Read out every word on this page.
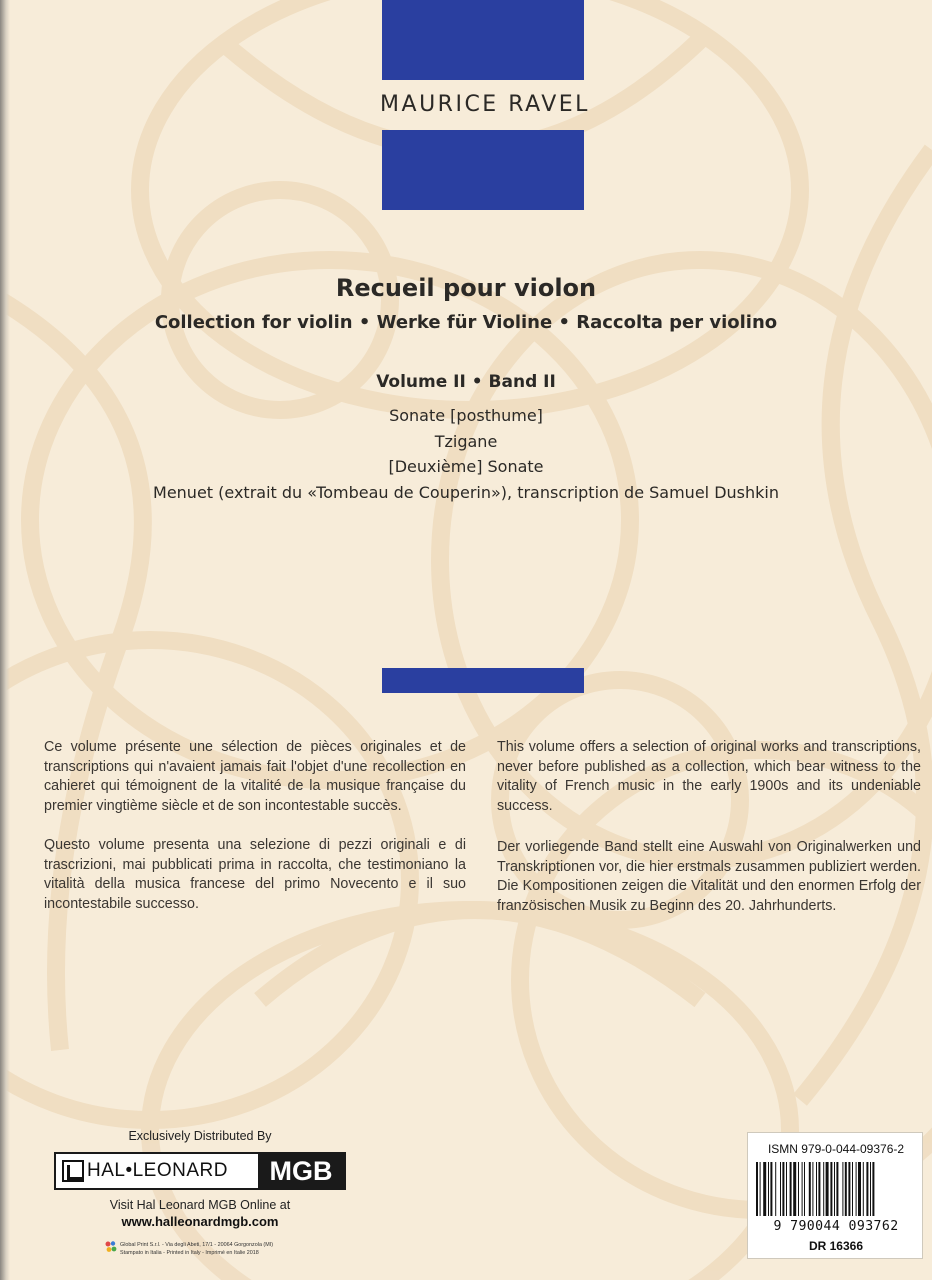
MAURICE RAVEL
Recueil pour violon
Collection for violin • Werke für Violine • Raccolta per violino
Volume II • Band II
Sonate [posthume]
Tzigane
[Deuxième] Sonate
Menuet (extrait du «Tombeau de Couperin»), transcription de Samuel Dushkin

Ce volume présente une sélection de pièces originales et de transcriptions qui n'avaient jamais fait l'objet d'une recollection en cahieret qui témoignent de la vitalité de la musique française du premier vingtième siècle et de son incontestable succès.

Questo volume presenta una selezione di pezzi originali e di trascrizioni, mai pubblicati prima in raccolta, che testimoniano la vitalità della musica francese del primo Novecento e il suo incontestabile successo.

This volume offers a selection of original works and transcriptions, never before published as a collection, which bear witness to the vitality of French music in the early 1900s and its undeniable success.

Der vorliegende Band stellt eine Auswahl von Originalwerken und Transkriptionen vor, die hier erstmals zusammen publiziert werden. Die Kompositionen zeigen die Vitalität und den enormen Erfolg der französischen Musik zu Beginn des 20. Jahrhunderts.

Exclusively Distributed By
HAL•LEONARD	MGB
Visit Hal Leonard MGB Online at
www.halleonardmgb.com
Global Print S.r.l. - Via degli Abeti, 17/1 - 20064 Gorgonzola (MI)
Stampato in Italia - Printed in Italy - Imprimé en Italie 2018
ISMN 979-0-044-09376-2
9 790044 093762
DR 16366
